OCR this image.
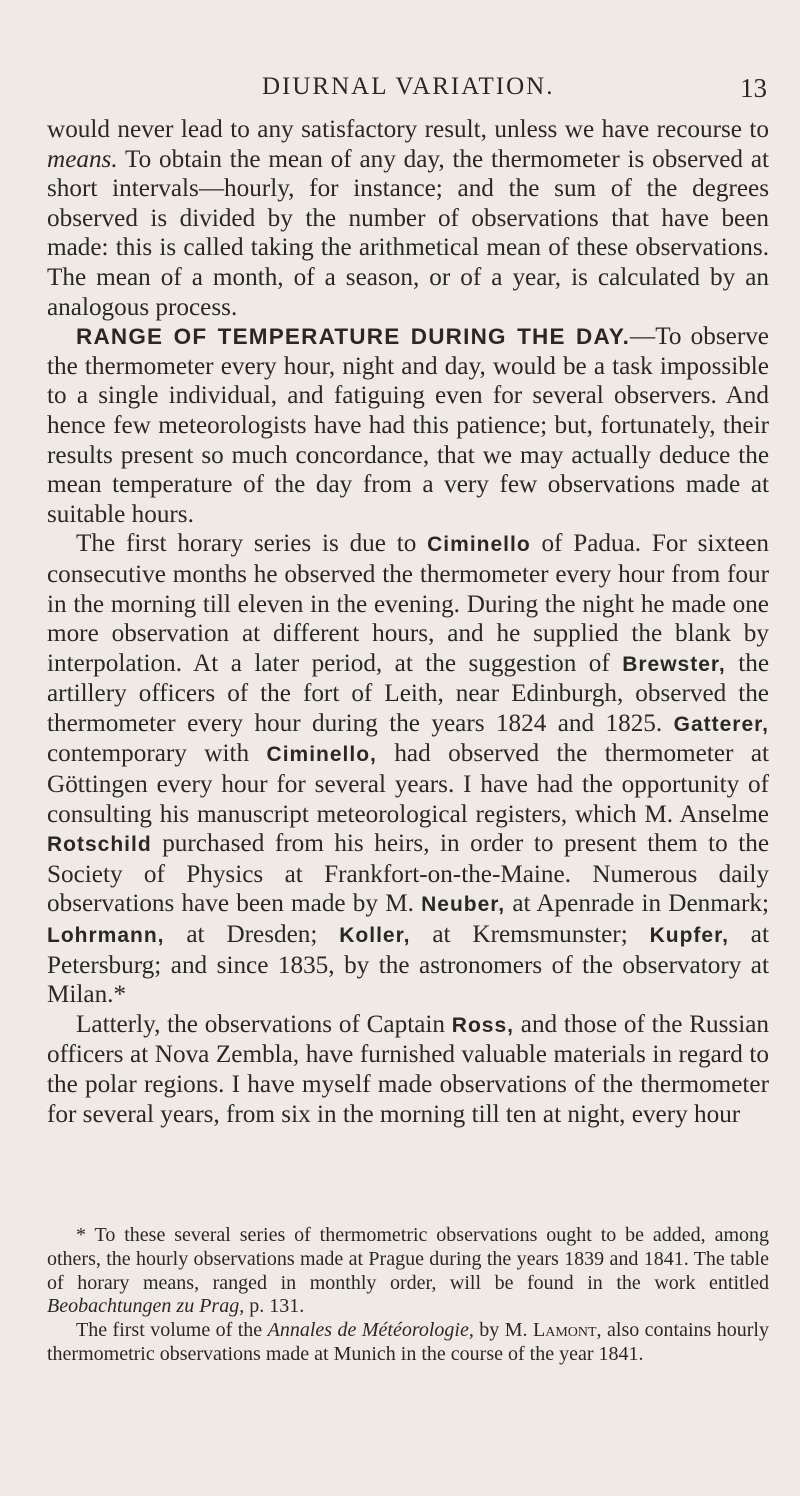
DIURNAL VARIATION.	13

would never lead to any satisfactory result, unless we have recourse to means. To obtain the mean of any day, the thermometer is observed at short intervals—hourly, for instance; and the sum of the degrees observed is divided by the number of observations that have been made: this is called taking the arithmetical mean of these observations. The mean of a month, of a season, or of a year, is calculated by an analogous process.

RANGE OF TEMPERATURE DURING THE DAY.—To observe the thermometer every hour, night and day, would be a task impossible to a single individual, and fatiguing even for several observers. And hence few meteorologists have had this patience; but, fortunately, their results present so much concordance, that we may actually deduce the mean temperature of the day from a very few observations made at suitable hours.

The first horary series is due to Ciminello of Padua. For sixteen consecutive months he observed the thermometer every hour from four in the morning till eleven in the evening. During the night he made one more observation at different hours, and he supplied the blank by interpolation. At a later period, at the suggestion of Brewster, the artillery officers of the fort of Leith, near Edinburgh, observed the thermometer every hour during the years 1824 and 1825. Gatterer, contemporary with Ciminello, had observed the thermometer at Göttingen every hour for several years. I have had the opportunity of consulting his manuscript meteorological registers, which M. Anselme Rotschild purchased from his heirs, in order to present them to the Society of Physics at Frankfort-on-the-Maine. Numerous daily observations have been made by M. Neuber, at Apenrade in Denmark; Lohrmann, at Dresden; Koller, at Kremsmunster; Kupfer, at Petersburg; and since 1835, by the astronomers of the observatory at Milan.*

Latterly, the observations of Captain Ross, and those of the Russian officers at Nova Zembla, have furnished valuable materials in regard to the polar regions. I have myself made observations of the thermometer for several years, from six in the morning till ten at night, every hour

* To these several series of thermometric observations ought to be added, among others, the hourly observations made at Prague during the years 1839 and 1841. The table of horary means, ranged in monthly order, will be found in the work entitled Beobachtungen zu Prag, p. 131.

The first volume of the Annales de Météorologie, by M. Lamont, also contains hourly thermometric observations made at Munich in the course of the year 1841.
